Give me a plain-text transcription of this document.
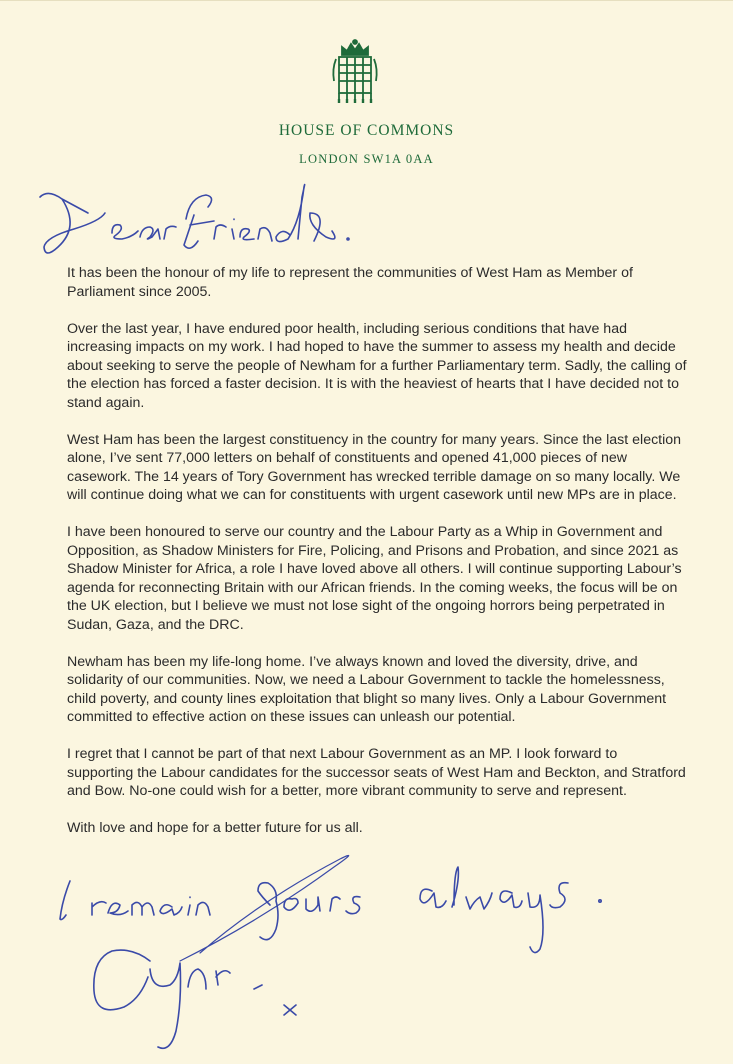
HOUSE OF COMMONS
LONDON SW1A 0AA

It has been the honour of my life to represent the communities of West Ham as Member of Parliament since 2005.

Over the last year, I have endured poor health, including serious conditions that have had increasing impacts on my work. I had hoped to have the summer to assess my health and decide about seeking to serve the people of Newham for a further Parliamentary term. Sadly, the calling of the election has forced a faster decision. It is with the heaviest of hearts that I have decided not to stand again.

West Ham has been the largest constituency in the country for many years. Since the last election alone, I’ve sent 77,000 letters on behalf of constituents and opened 41,000 pieces of new casework. The 14 years of Tory Government has wrecked terrible damage on so many locally. We will continue doing what we can for constituents with urgent casework until new MPs are in place.

I have been honoured to serve our country and the Labour Party as a Whip in Government and Opposition, as Shadow Ministers for Fire, Policing, and Prisons and Probation, and since 2021 as Shadow Minister for Africa, a role I have loved above all others. I will continue supporting Labour’s agenda for reconnecting Britain with our African friends. In the coming weeks, the focus will be on the UK election, but I believe we must not lose sight of the ongoing horrors being perpetrated in Sudan, Gaza, and the DRC.

Newham has been my life-long home. I’ve always known and loved the diversity, drive, and solidarity of our communities. Now, we need a Labour Government to tackle the homelessness, child poverty, and county lines exploitation that blight so many lives. Only a Labour Government committed to effective action on these issues can unleash our potential.

I regret that I cannot be part of that next Labour Government as an MP. I look forward to supporting the Labour candidates for the successor seats of West Ham and Beckton, and Stratford and Bow. No-one could wish for a better, more vibrant community to serve and represent.

With love and hope for a better future for us all.
